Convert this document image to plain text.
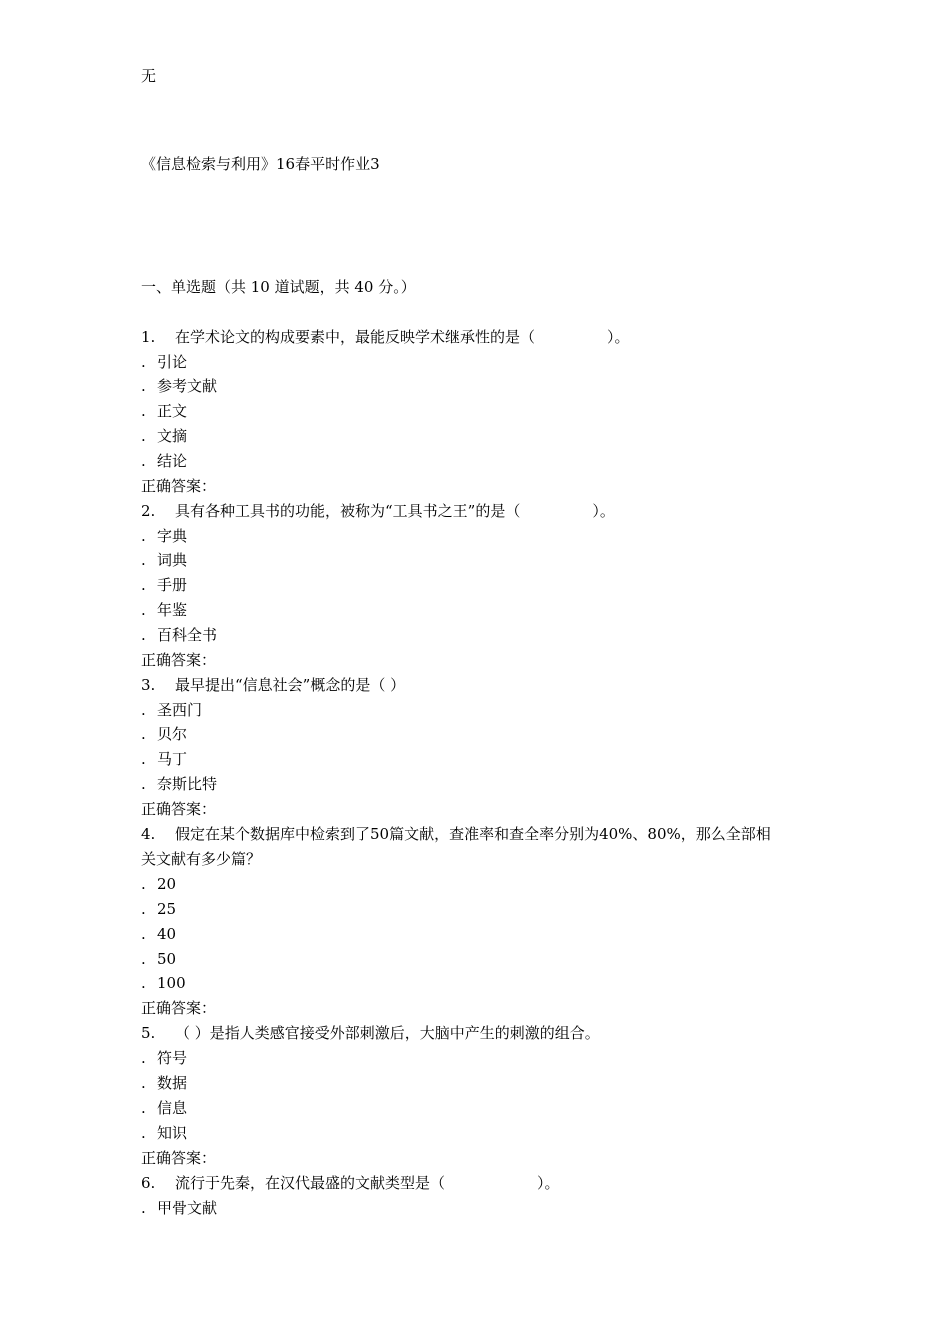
无
《信息检索与利用》16春平时作业3
一、单选题（共 10 道试题，共 40 分。）
1. 在学术论文的构成要素中，最能反映学术继承性的是（	）。
. 引论
. 参考文献
. 正文
. 文摘
. 结论
正确答案：
2. 具有各种工具书的功能，被称为“工具书之王”的是（	）。
. 字典
. 词典
. 手册
. 年鉴
. 百科全书
正确答案：
3. 最早提出“信息社会”概念的是（ ）
. 圣西门
. 贝尔
. 马丁
. 奈斯比特
正确答案：
4. 假定在某个数据库中检索到了50篇文献，查准率和查全率分别为40%、80%，那么全部相
关文献有多少篇？
. 20
. 25
. 40
. 50
. 100
正确答案：
5. （ ）是指人类感官接受外部刺激后，大脑中产生的刺激的组合。
. 符号
. 数据
. 信息
. 知识
正确答案：
6. 流行于先秦，在汉代最盛的文献类型是（	）。
. 甲骨文献
